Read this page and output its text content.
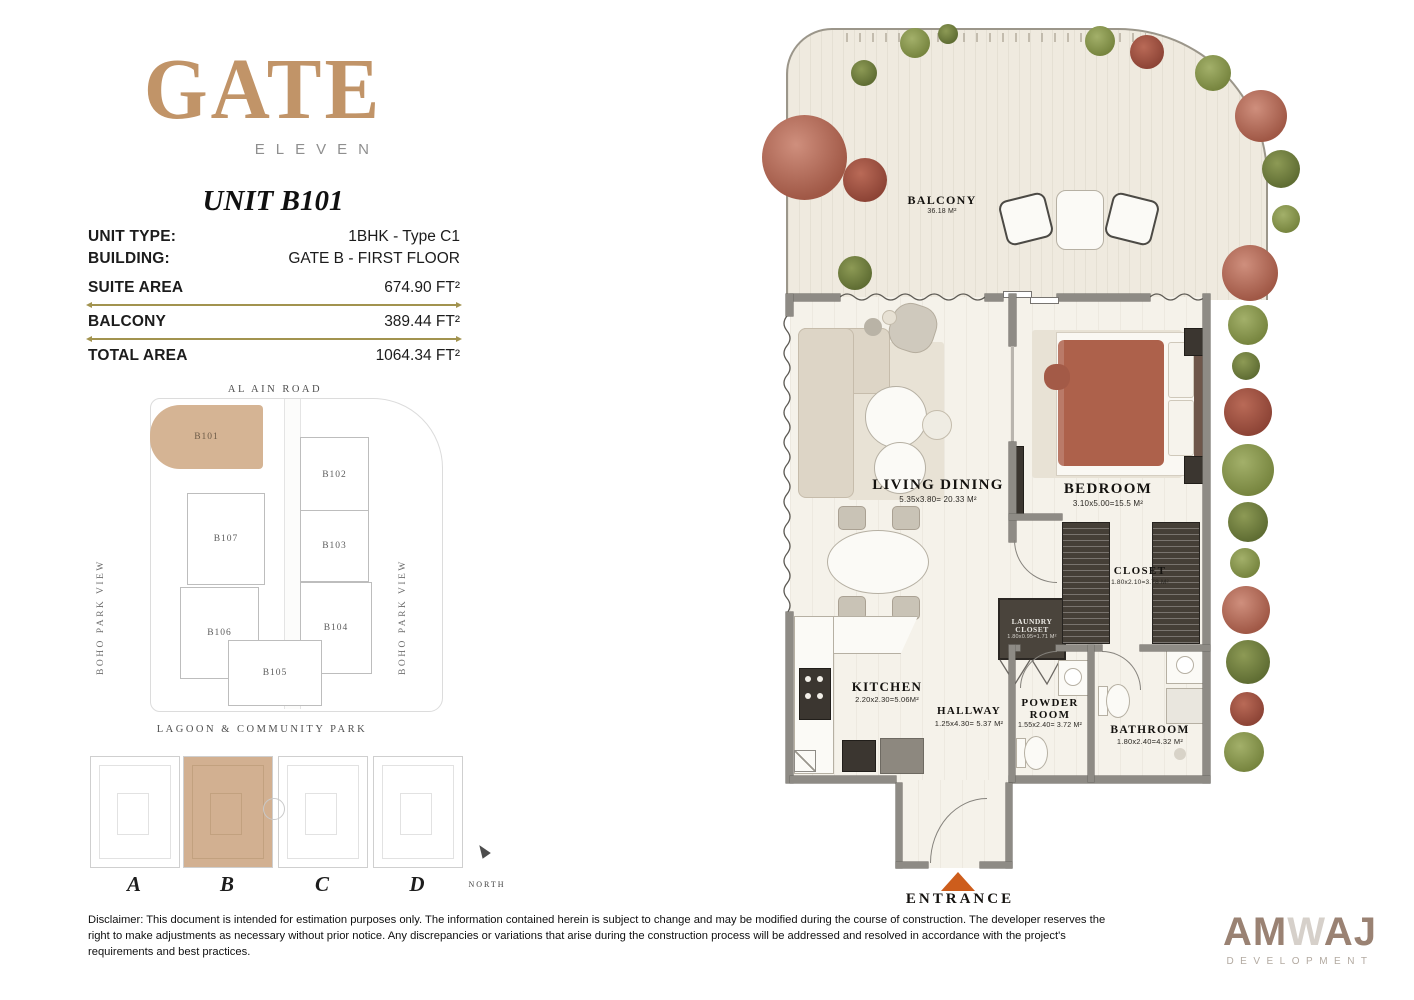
GATE
ELEVEN
UNIT B101
UNIT TYPE:	1BHK - Type C1
BUILDING:	GATE B - FIRST FLOOR
SUITE AREA	674.90 FT²
BALCONY	389.44 FT²
TOTAL AREA	1064.34 FT²
AL AIN ROAD
BOHO PARK VIEW	BOHO PARK VIEW
B101
B102
B107
B103
B106	B104
B105
LAGOON & COMMUNITY PARK
A	B	C	D	NORTH
BALCONY
36.18 M²
LAUNDRY CLOSET
1.80x0.95=1.71 M²
LIVING DINING
5.35x3.80= 20.33 M²
BEDROOM
3.10x5.00=15.5 M²
CLOSET
1.80x2.10=3.78 M²
KITCHEN
2.20x2.30=5.06M²
HALLWAY
1.25x4.30= 5.37 M²
POWDER ROOM
1.55x2.40= 3.72 M²	BATHROOM
1.80x2.40=4.32 M²
ENTRANCE
Disclaimer: This document is intended for estimation purposes only. The information contained herein is subject to change and may be modified during the course of construction. The developer reserves the right to make adjustments as necessary without prior notice. Any discrepancies or variations that arise during the construction process will be addressed and resolved in accordance with the project's requirements and best practices.	AMWAJ
DEVELOPMENT
